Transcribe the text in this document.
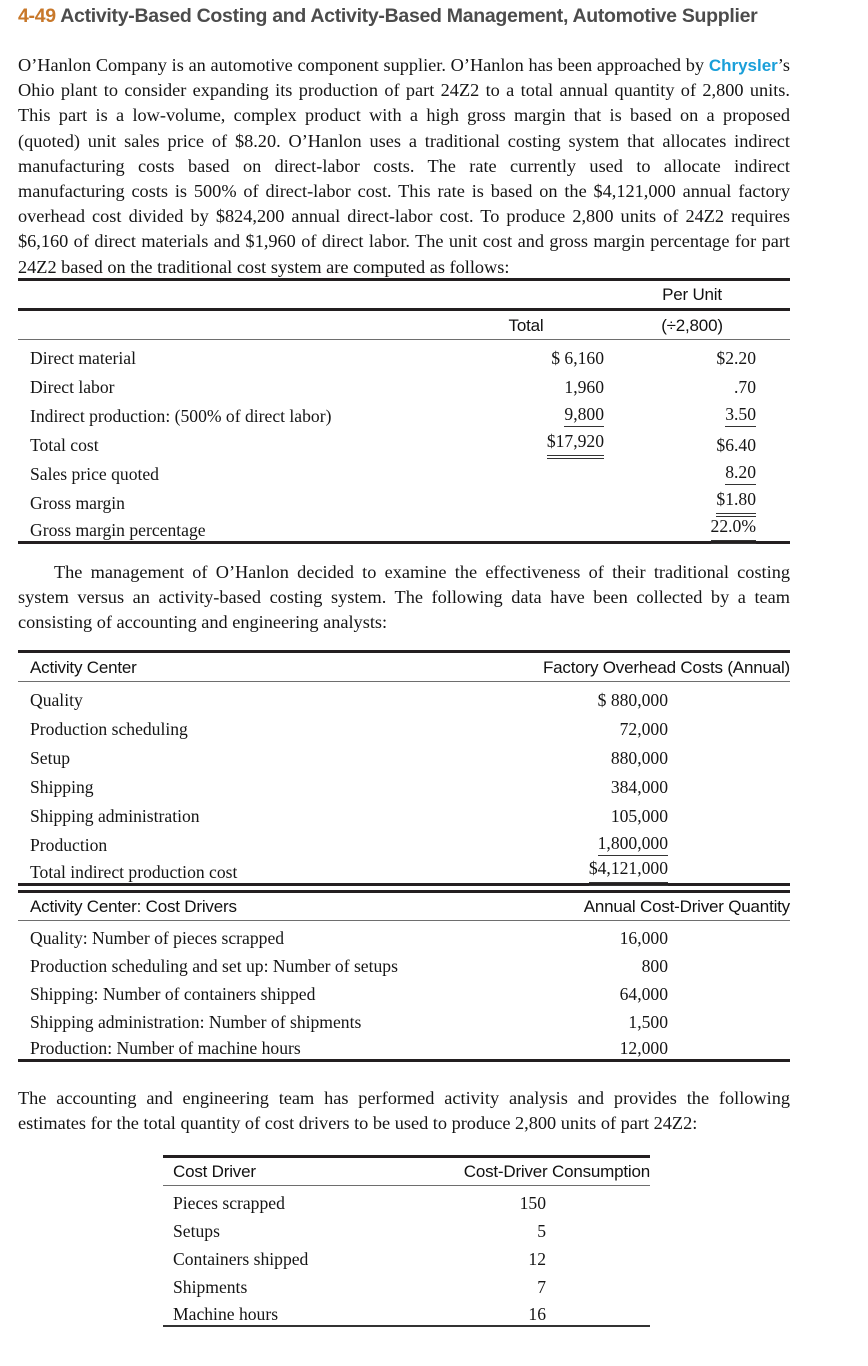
4-49 Activity-Based Costing and Activity-Based Management, Automotive Supplier
O’Hanlon Company is an automotive component supplier. O’Hanlon has been approached by Chrysler’s Ohio plant to consider expanding its production of part 24Z2 to a total annual quantity of 2,800 units. This part is a low-volume, complex product with a high gross margin that is based on a proposed (quoted) unit sales price of $8.20. O’Hanlon uses a traditional costing system that allocates indirect manufacturing costs based on direct-labor costs. The rate currently used to allocate indirect manufacturing costs is 500% of direct-labor cost. This rate is based on the $4,121,000 annual factory overhead cost divided by $824,200 annual direct-labor cost. To produce 2,800 units of 24Z2 requires $6,160 of direct materials and $1,960 of direct labor. The unit cost and gross margin percentage for part 24Z2 based on the traditional cost system are computed as follows:
		Per Unit
	Total	(÷2,800)
Direct material	$ 6,160	$2.20
Direct labor	1,960	.70
Indirect production: (500% of direct labor)	9,800	3.50
Total cost	$17,920	$6.40
Sales price quoted		8.20
Gross margin		$1.80
Gross margin percentage		22.0%

The management of O’Hanlon decided to examine the effectiveness of their traditional costing system versus an activity-based costing system. The following data have been collected by a team consisting of accounting and engineering analysts:
Activity Center	Factory Overhead Costs (Annual)
Quality	$ 880,000
Production scheduling	72,000
Setup	880,000
Shipping	384,000
Shipping administration	105,000
Production	1,800,000
Total indirect production cost	$4,121,000

Activity Center: Cost Drivers	Annual Cost-Driver Quantity
Quality: Number of pieces scrapped	16,000
Production scheduling and set up: Number of setups	800
Shipping: Number of containers shipped	64,000
Shipping administration: Number of shipments	1,500
Production: Number of machine hours	12,000

The accounting and engineering team has performed activity analysis and provides the following estimates for the total quantity of cost drivers to be used to produce 2,800 units of part 24Z2:
Cost Driver	Cost-Driver Consumption
Pieces scrapped	150
Setups	5
Containers shipped	12
Shipments	7
Machine hours	16
